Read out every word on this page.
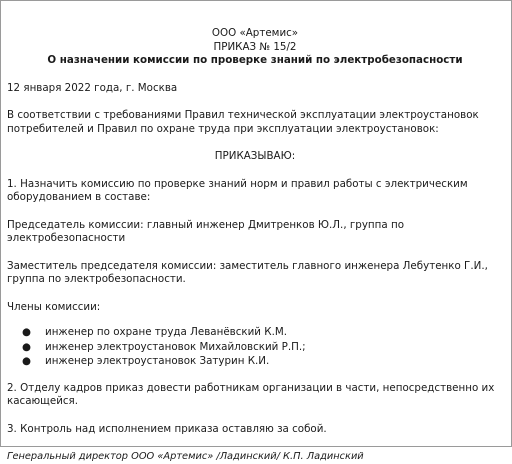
ООО «Артемис»

ПРИКАЗ № 15/2

О назначении комиссии по проверке знаний по электробезопасности

12 января 2022 года, г. Москва

В соответствии с требованиями Правил технической эксплуатации электроустановок потребителей и Правил по охране труда при эксплуатации электроустановок:

ПРИКАЗЫВАЮ:

1. Назначить комиссию по проверке знаний норм и правил работы с электрическим оборудованием в составе:

Председатель комиссии: главный инженер Дмитренков Ю.Л., группа по электробезопасности

Заместитель председателя комиссии: заместитель главного инженера Лебутенко Г.И., группа по электробезопасности.

Члены комиссии:

● инженер по охране труда Леванёвский К.М.
● инженер электроустановок Михайловский Р.П.;
● инженер электроустановок Затурин К.И.

2. Отделу кадров приказ довести работникам организации в части, непосредственно их касающейся.

3. Контроль над исполнением приказа оставляю за собой.

Генеральный директор ООО «Артемис» /Ладинский/ К.П. Ладинский
